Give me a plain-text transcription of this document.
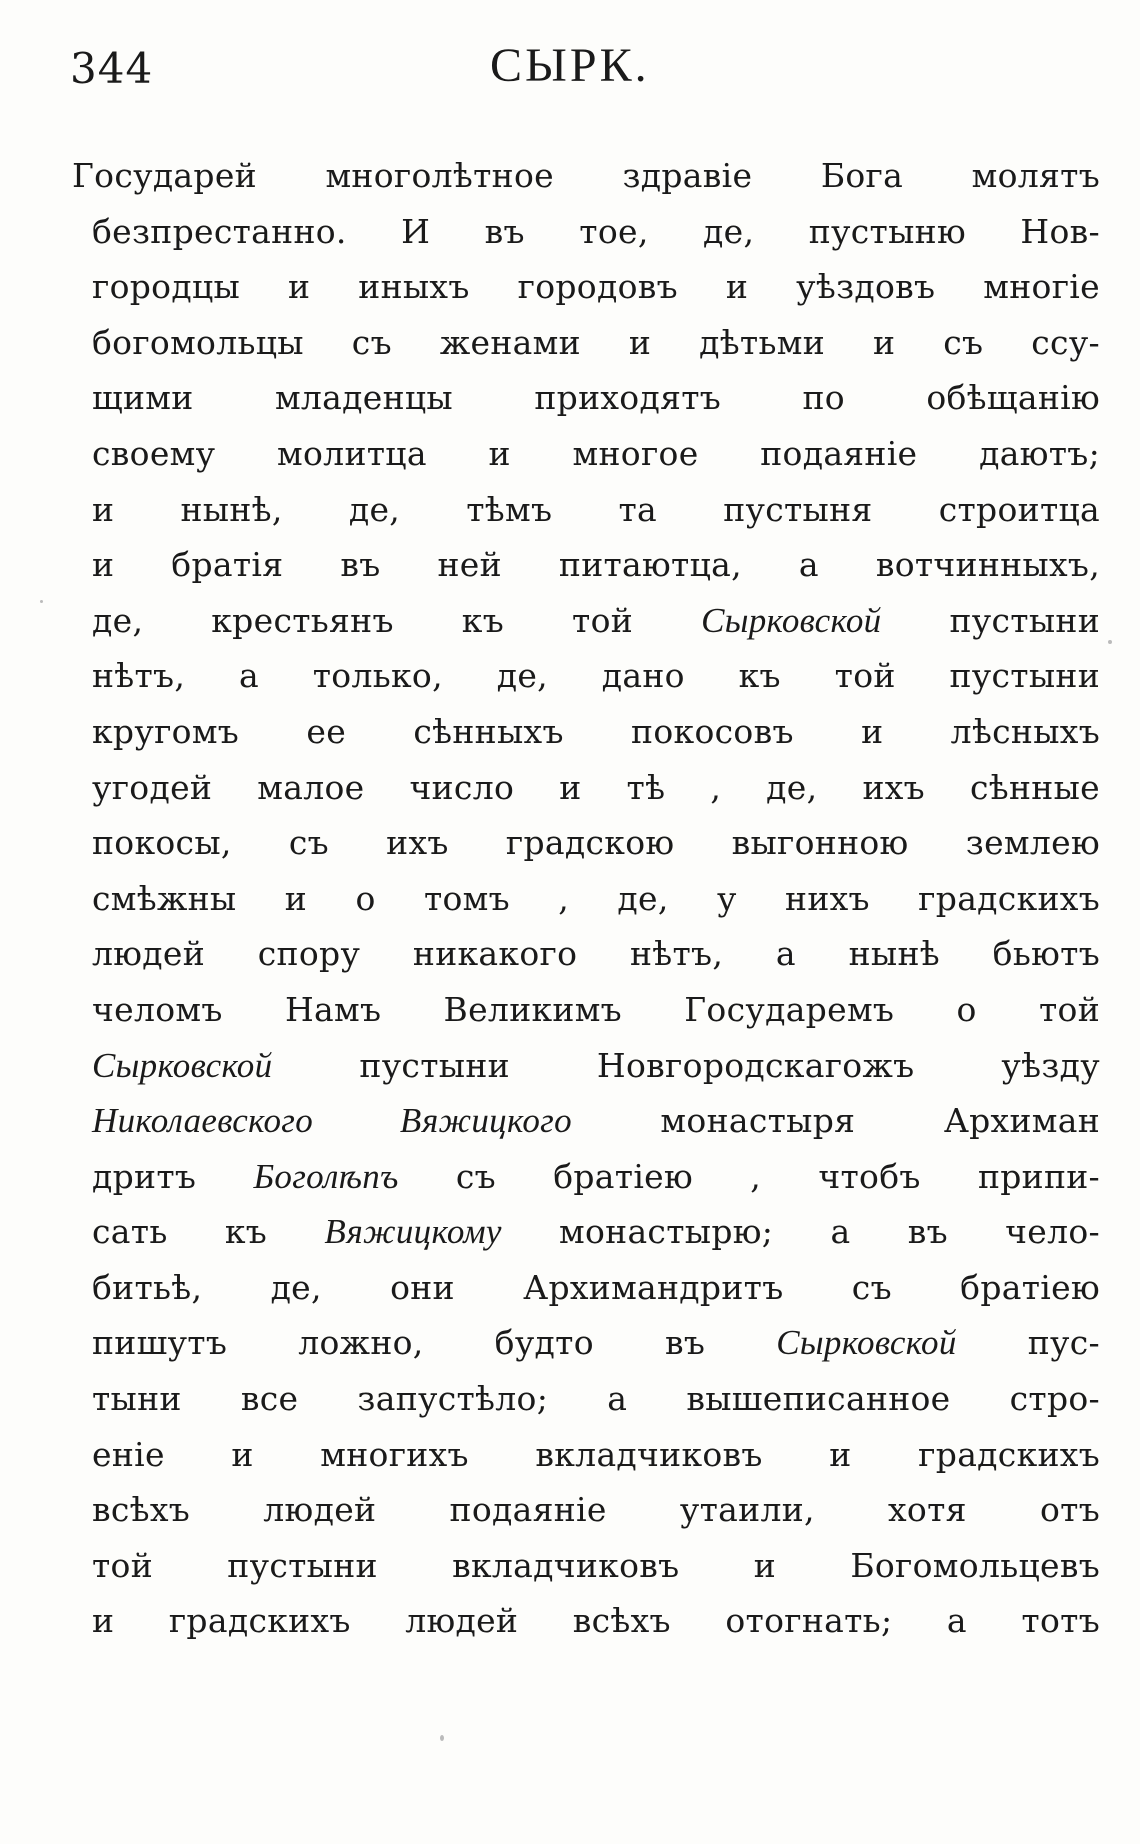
344	СЫРК.
Государей многолѣтное здравіе Бога молятъ
безпрестанно. И въ тое, де, пустыню Нов-
городцы и иныхъ городовъ и уѣздовъ многіе
богомольцы съ женами и дѣтьми и съ ссу-
щими младенцы приходятъ по обѣщанію
своему молитца и многое подаяніе даютъ;
и нынѣ, де, тѣмъ та пустыня строитца
и братія въ ней питаютца, а вотчинныхъ,
де, крестьянъ къ той Сырковской пустыни
нѣтъ, а только, де, дано къ той пустыни
кругомъ ее сѣнныхъ покосовъ и лѣсныхъ
угодей малое число и тѣ , де, ихъ сѣнные
покосы, съ ихъ градскою выгонною землею
смѣжны и о томъ , де, у нихъ градскихъ
людей спору никакого нѣтъ, а нынѣ бьютъ
челомъ Намъ Великимъ Государемъ о той
Сырковской пустыни Новгородскагожъ уѣзду
Николаевского Вяжицкого монастыря Архиман
дритъ Боголѣпъ съ братіею , чтобъ припи-
сать къ Вяжицкому монастырю; а въ чело-
битьѣ, де, они Архимандритъ съ братіею
пишутъ ложно, будто въ Сырковской пус-
тыни все запустѣло; а вышеписанное стро-
еніе и многихъ вкладчиковъ и градскихъ
всѣхъ людей подаяніе утаили, хотя отъ
той пустыни вкладчиковъ и Богомольцевъ
и градскихъ людей всѣхъ отогнать; а тотъ
